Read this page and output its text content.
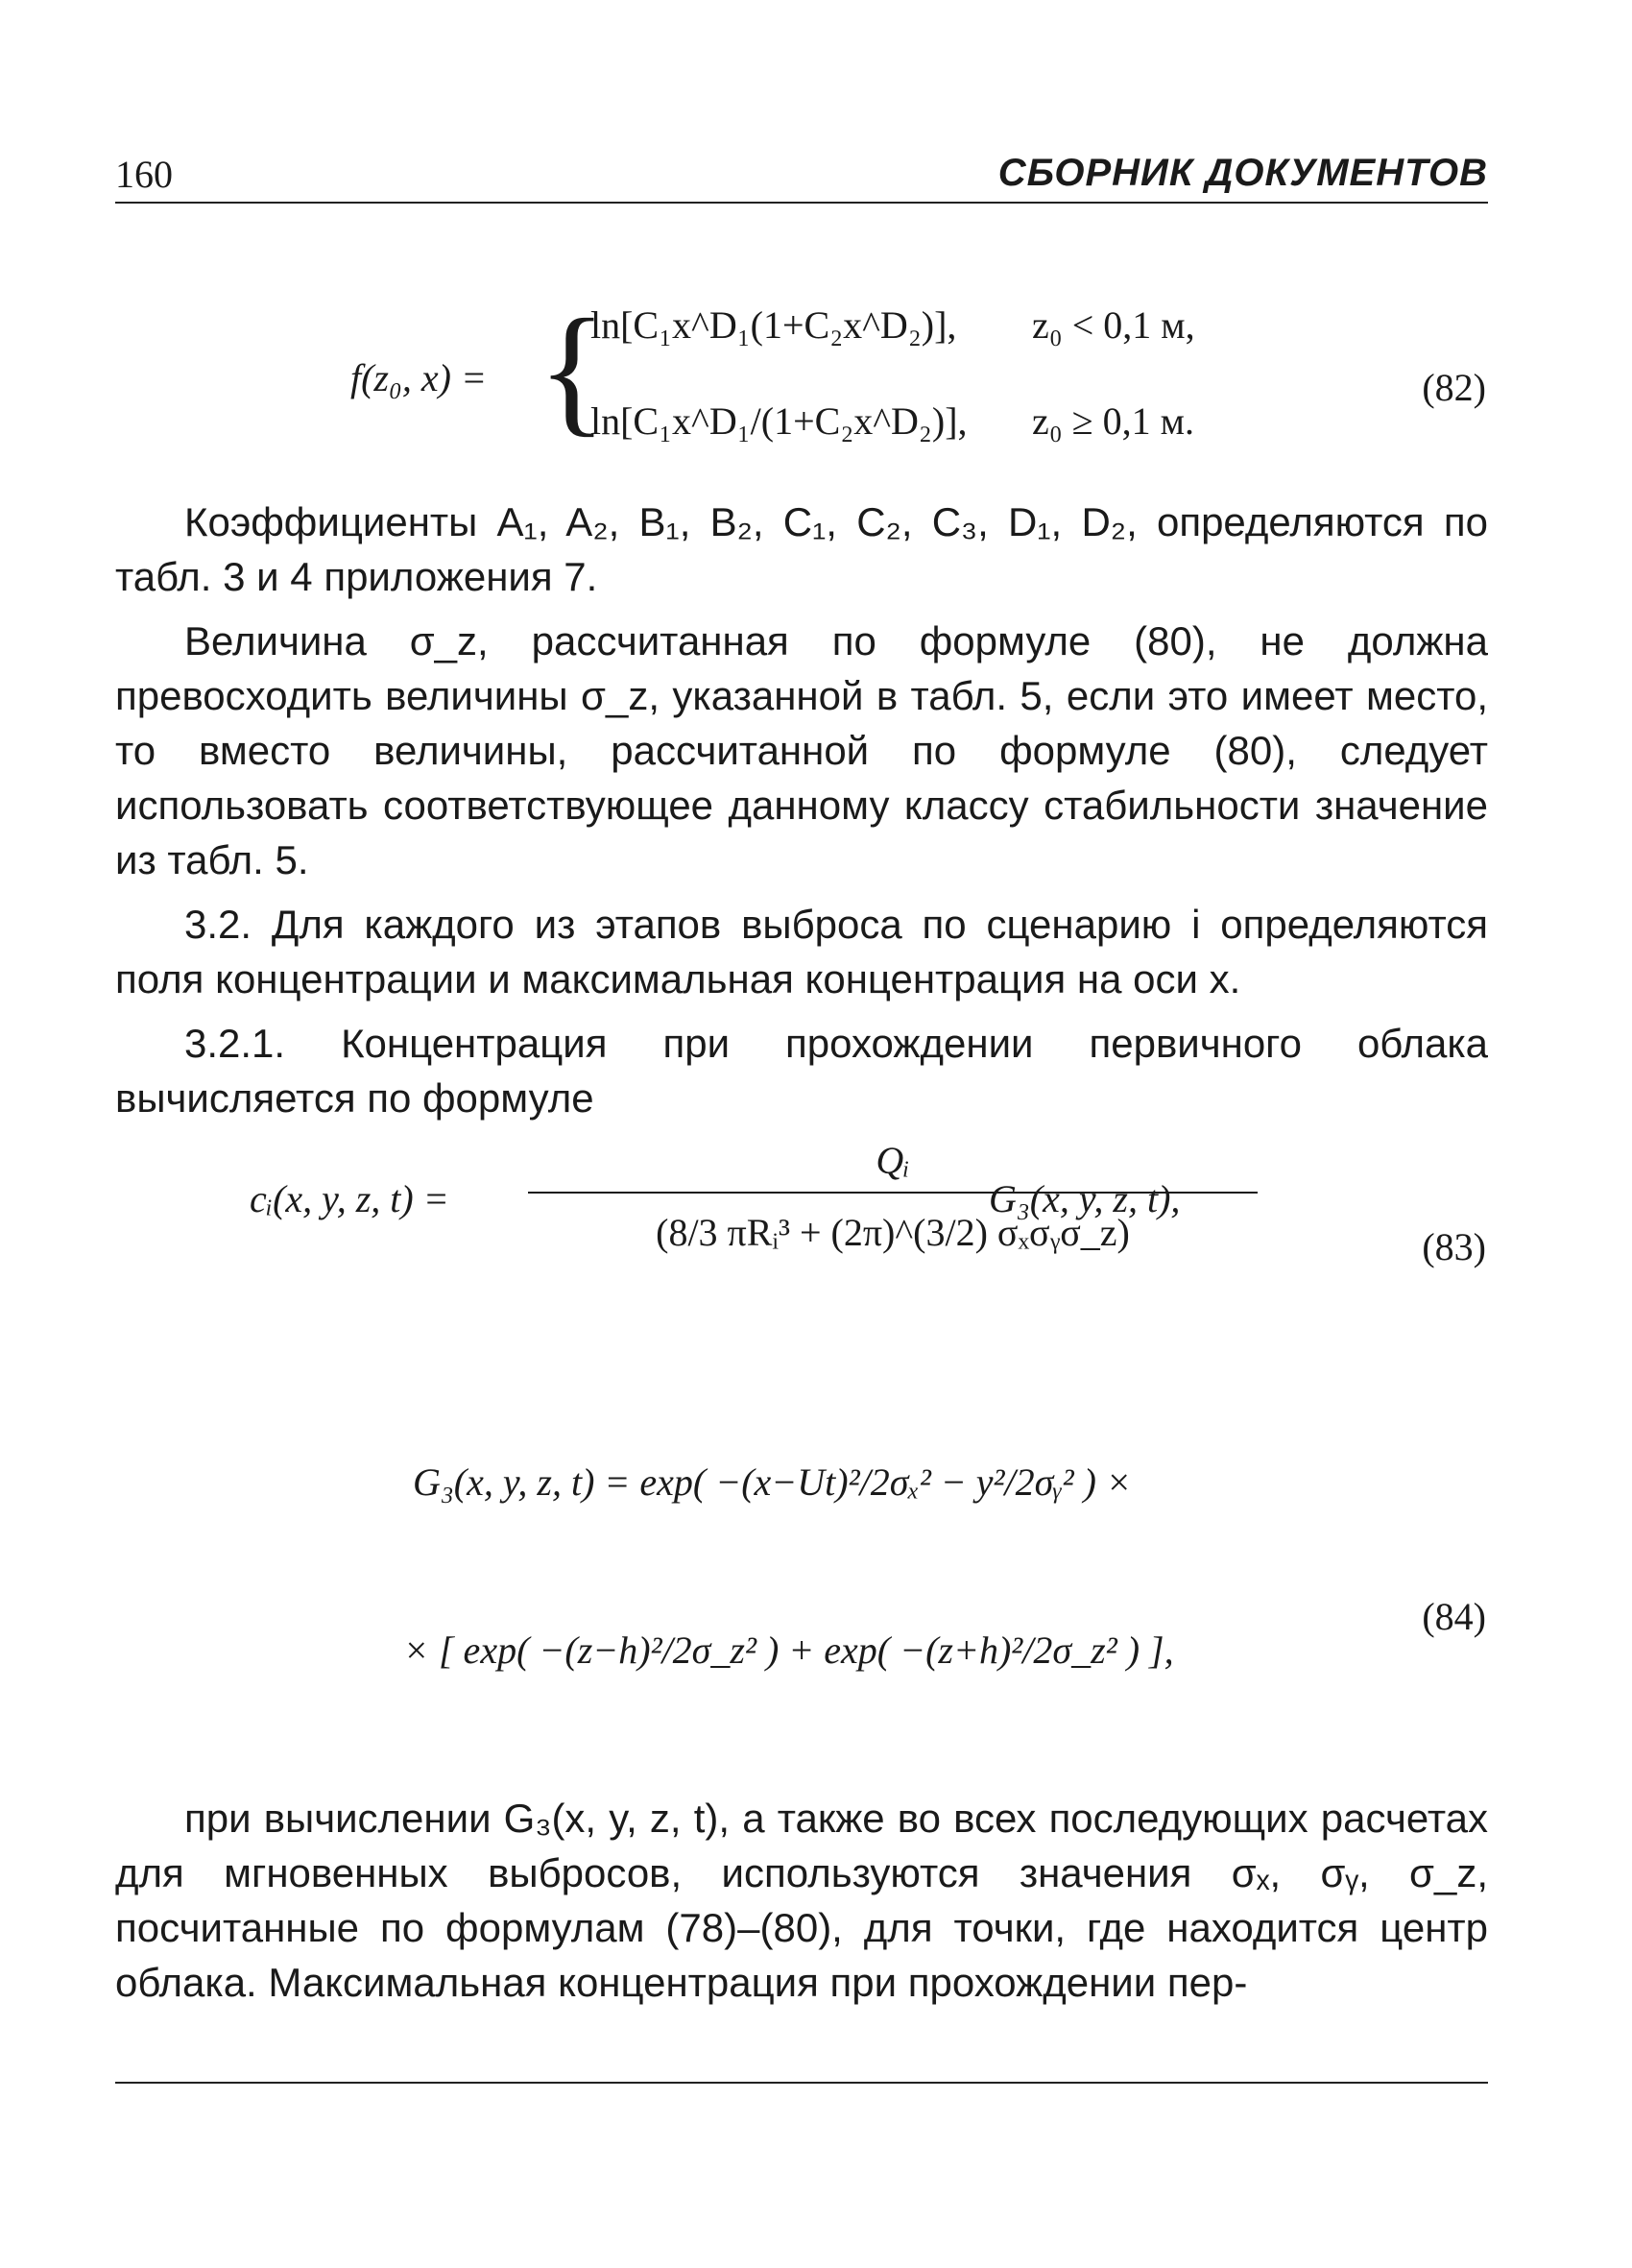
160	СБОРНИК ДОКУМЕНТОВ
f(z₀, x) = {
ln[C₁x^D₁(1+C₂x^D₂)], z₀ < 0,1 м,
ln[C₁x^D₁/(1+C₂x^D₂)], z₀ ≥ 0,1 м.
(82)

Коэффициенты A₁, A₂, B₁, B₂, C₁, C₂, C₃, D₁, D₂, определяются по табл. 3 и 4 приложения 7.

Величина σ_z, рассчитанная по формуле (80), не должна превосходить величины σ_z, указанной в табл. 5, если это имеет место, то вместо величины, рассчитанной по формуле (80), следует использовать соответствующее данному классу стабильности значение из табл. 5.

3.2. Для каждого из этапов выброса по сценарию i определяются поля концентрации и максимальная концентрация на оси x.

3.2.1. Концентрация при прохождении первичного облака вычисляется по формуле

cᵢ(x, y, z, t) =
Qᵢ
(8/3 πRᵢ³ + (2π)^(3/2) σₓσᵧσ_z)
G₃(x, y, z, t),
(83)
G₃(x, y, z, t) = exp( −(x−Ut)²/2σₓ² − y²/2σᵧ² ) ×
× [ exp( −(z−h)²/2σ_z² ) + exp( −(z+h)²/2σ_z² ) ],
(84)

при вычислении G₃(x, y, z, t), а также во всех последующих расчетах для мгновенных выбросов, используются значения σₓ, σᵧ, σ_z, посчитанные по формулам (78)–(80), для точки, где находится центр облака. Максимальная концентрация при прохождении пер-
